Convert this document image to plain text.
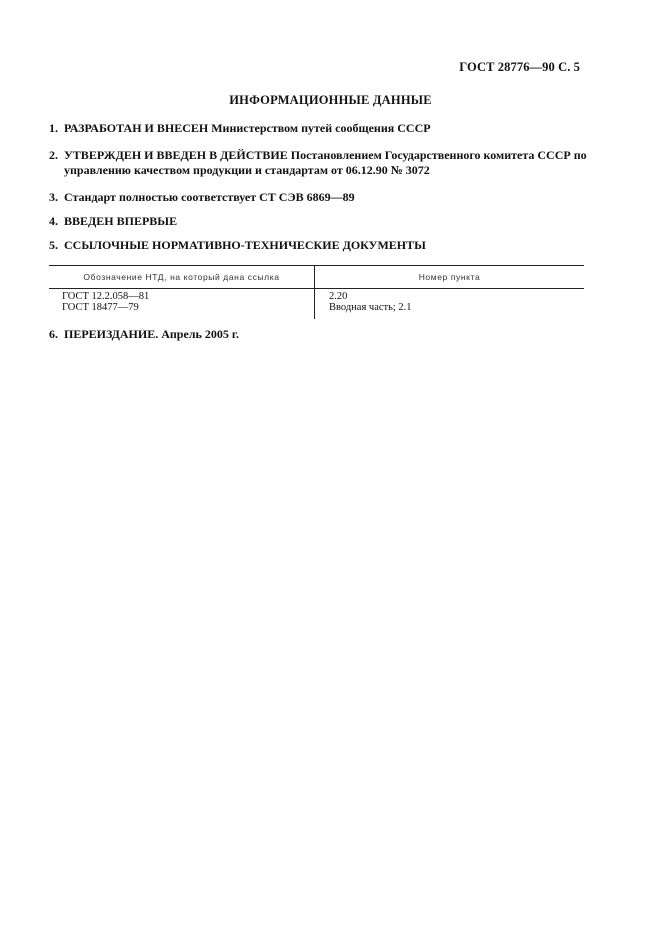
ГОСТ 28776—90 С. 5
ИНФОРМАЦИОННЫЕ ДАННЫЕ
1. РАЗРАБОТАН И ВНЕСЕН Министерством путей сообщения СССР
2. УТВЕРЖДЕН И ВВЕДЕН В ДЕЙСТВИЕ Постановлением Государственного комитета СССР по
управлению качеством продукции и стандартам от 06.12.90 № 3072
3. Стандарт полностью соответствует СТ СЭВ 6869—89
4. ВВЕДЕН ВПЕРВЫЕ
5. ССЫЛОЧНЫЕ НОРМАТИВНО-ТЕХНИЧЕСКИЕ ДОКУМЕНТЫ
Обозначение НТД, на который дана ссылка	Номер пункта
ГОСТ 12.2.058—81
ГОСТ 18477—79
2.20
Вводная часть; 2.1
6. ПЕРЕИЗДАНИЕ. Апрель 2005 г.
